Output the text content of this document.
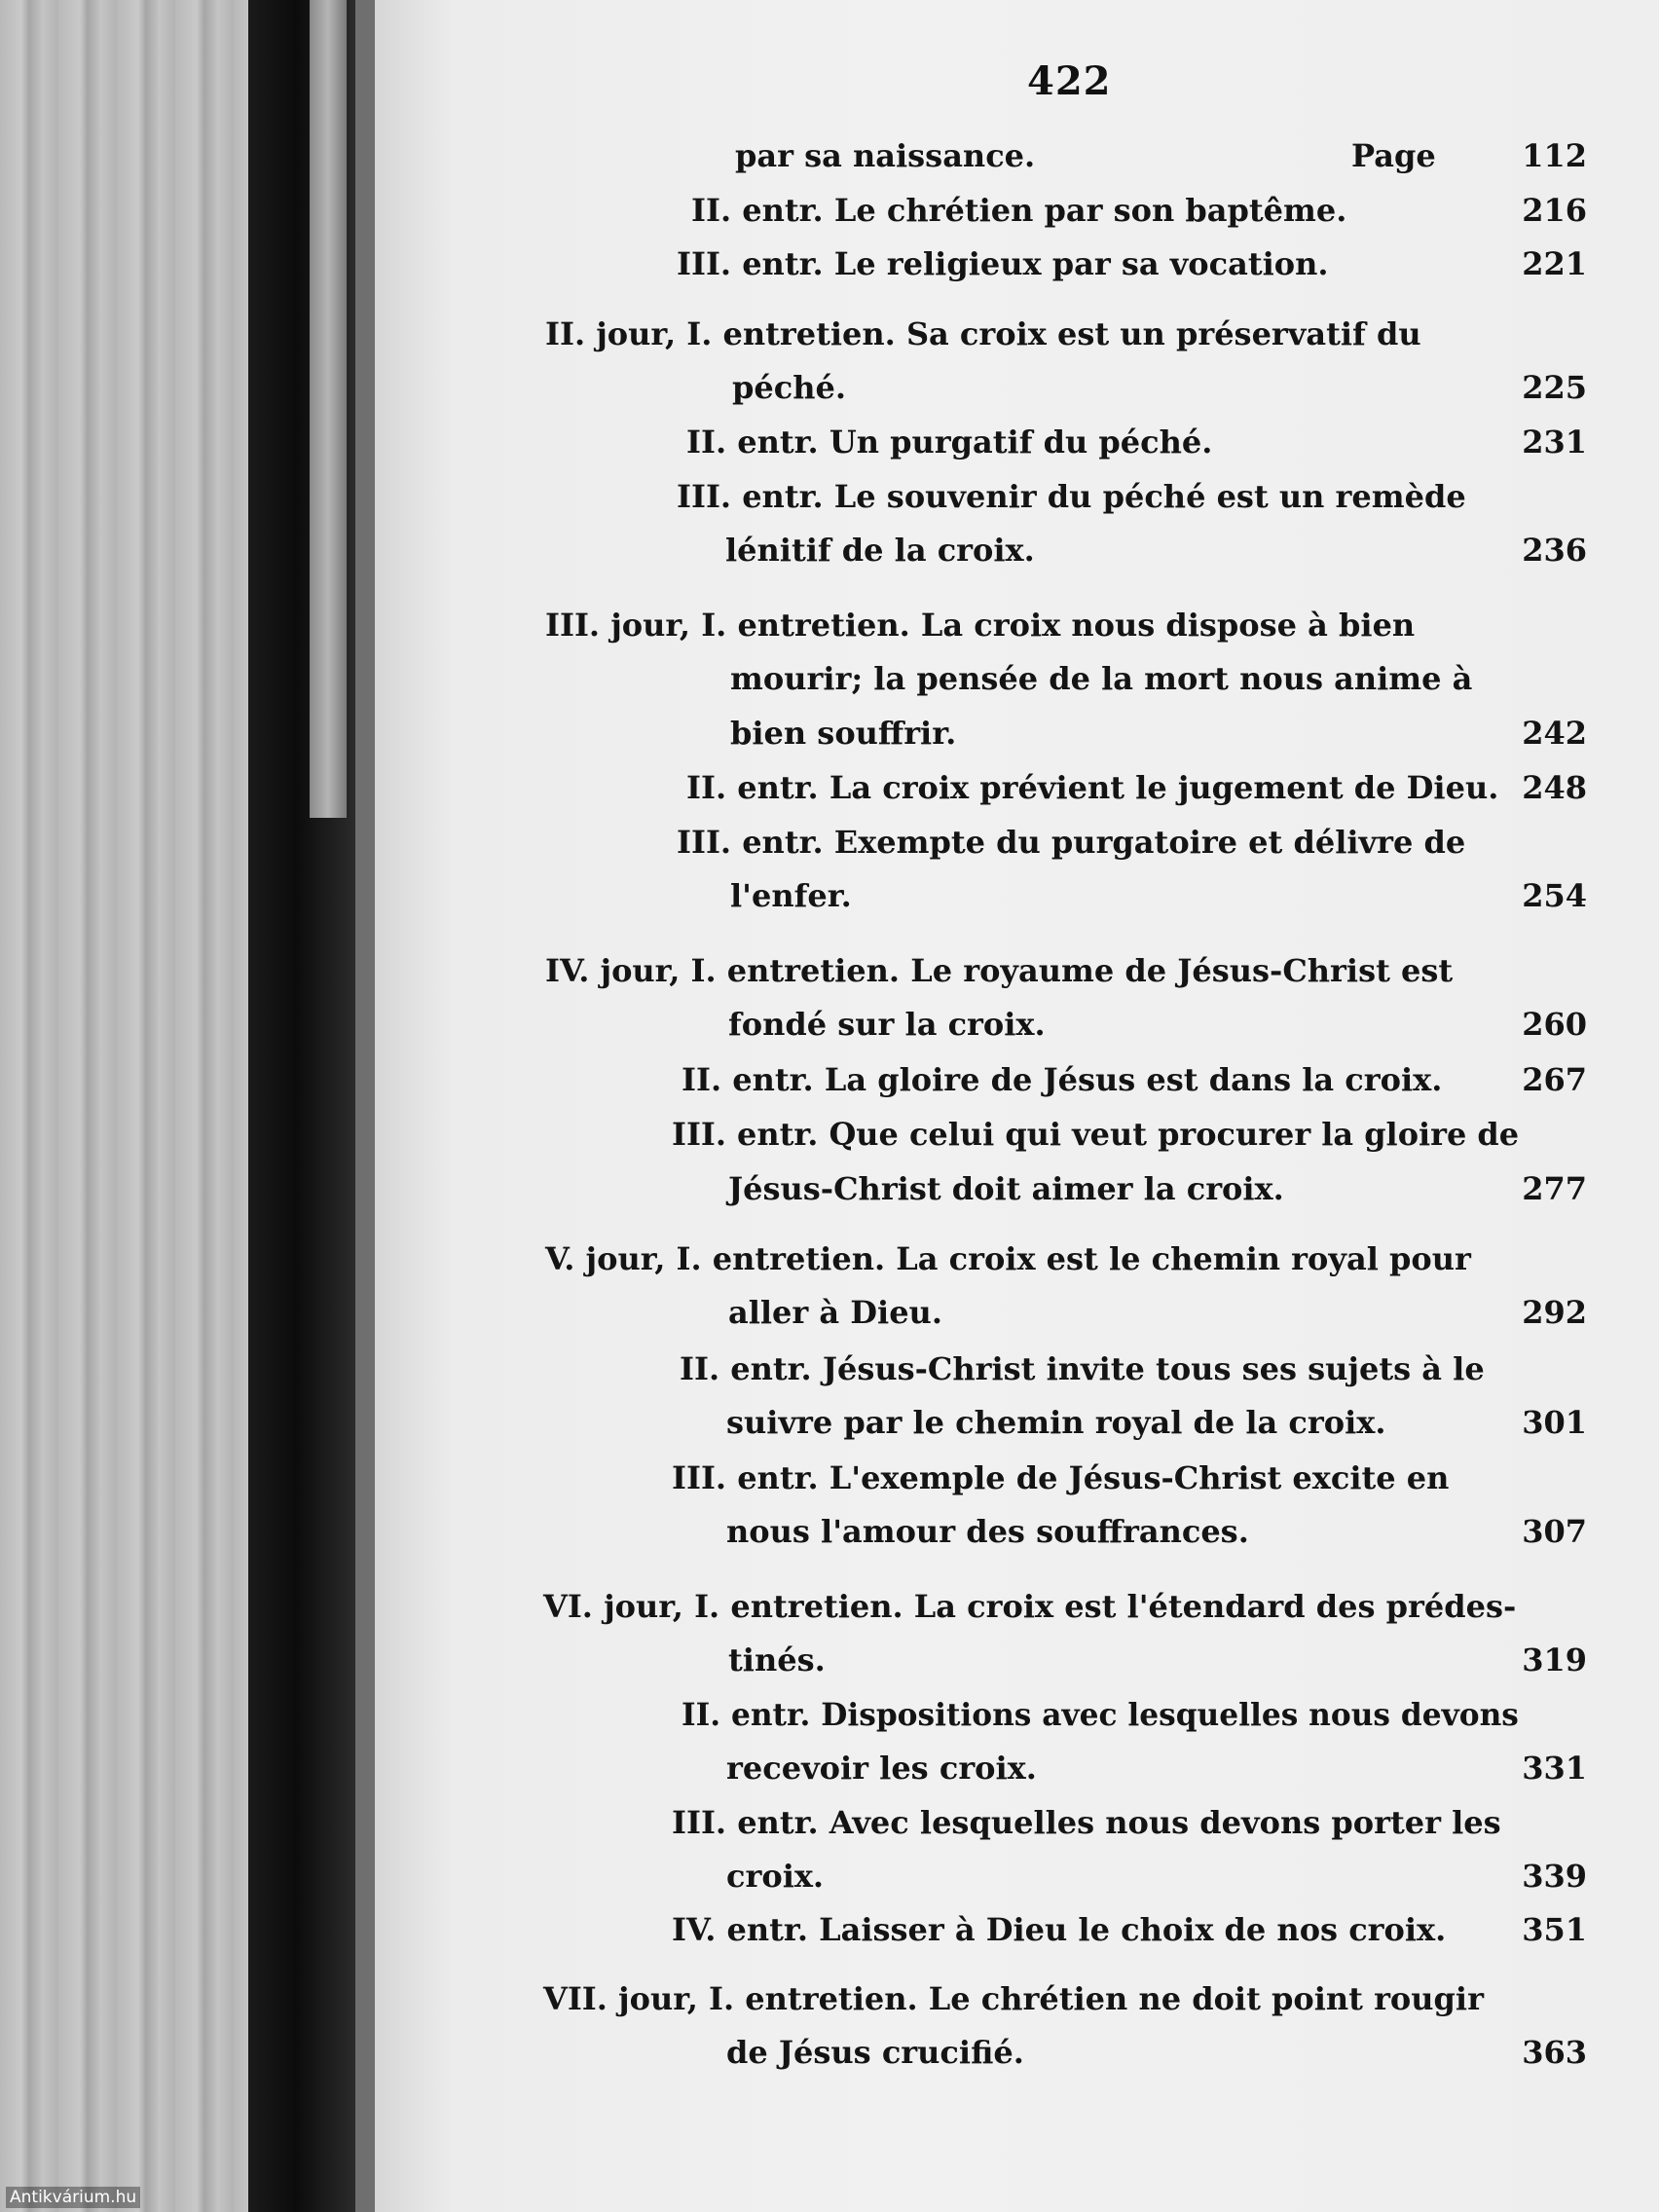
422
Page
par sa naissance.	112
II. entr. Le chrétien par son baptême.	216
III. entr. Le religieux par sa vocation.	221
II. jour, I. entretien. Sa croix est un préservatif du
péché.	225
II. entr. Un purgatif du péché.	231
III. entr. Le souvenir du péché est un remède
lénitif de la croix.	236
III. jour, I. entretien. La croix nous dispose à bien
mourir; la pensée de la mort nous anime à
bien souffrir.	242
II. entr. La croix prévient le jugement de Dieu. 248
III. entr. Exempte du purgatoire et délivre de
l'enfer.	254
IV. jour, I. entretien. Le royaume de Jésus-Christ est
fondé sur la croix.	260
II. entr. La gloire de Jésus est dans la croix.	267
III. entr. Que celui qui veut procurer la gloire de
Jésus-Christ doit aimer la croix.	277
V. jour, I. entretien. La croix est le chemin royal pour
aller à Dieu.	292
II. entr. Jésus-Christ invite tous ses sujets à le
suivre par le chemin royal de la croix.	301
III. entr. L'exemple de Jésus-Christ excite en
nous l'amour des souffrances.	307
VI. jour, I. entretien. La croix est l'étendard des prédes-
tinés.	319
II. entr. Dispositions avec lesquelles nous devons
recevoir les croix.	331
III. entr. Avec lesquelles nous devons porter les
croix.	339
IV. entr. Laisser à Dieu le choix de nos croix.	351
VII. jour, I. entretien. Le chrétien ne doit point rougir
de Jésus crucifié.	363
Antikvárium.hu
